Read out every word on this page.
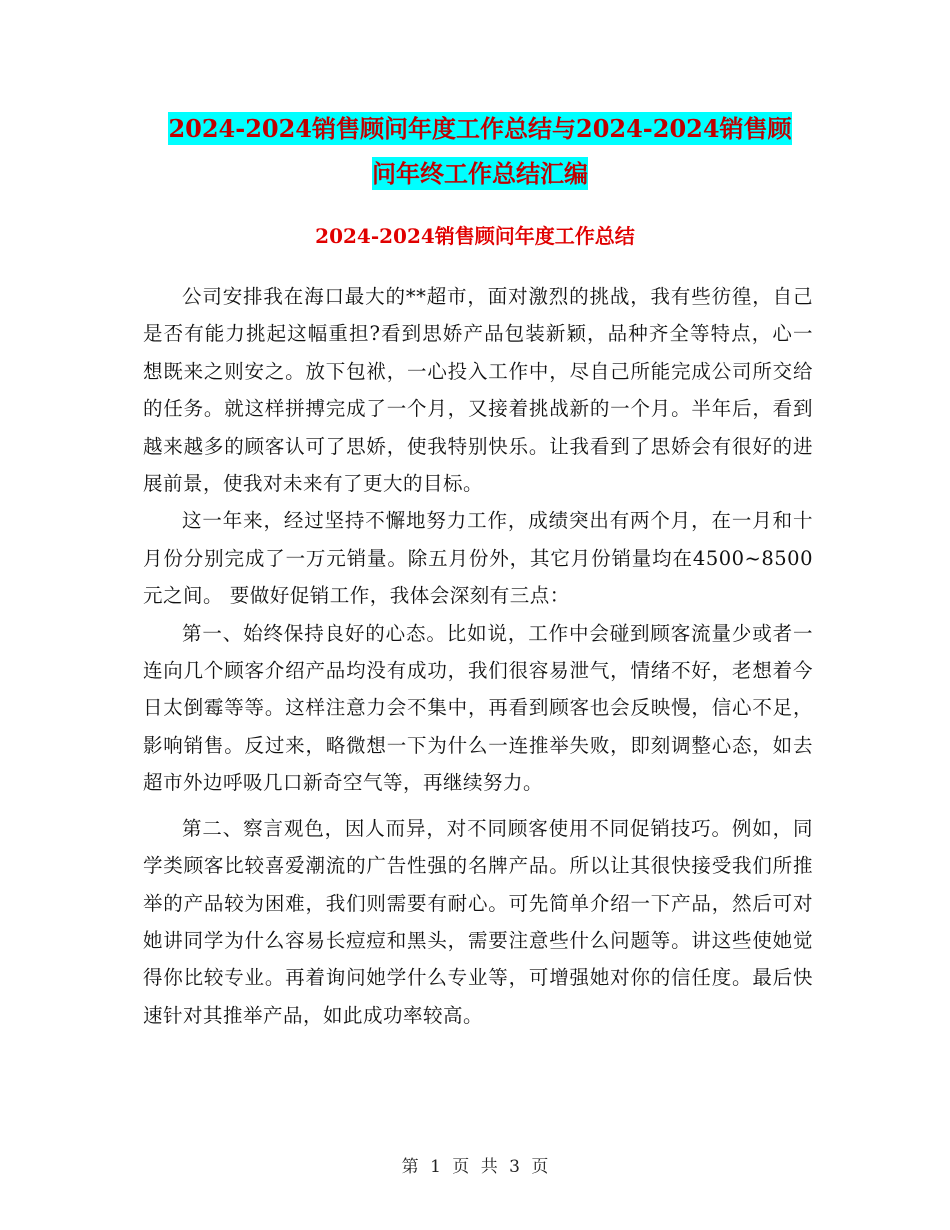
2024-2024销售顾问年度工作总结与2024-2024销售顾
问年终工作总结汇编
2024-2024销售顾问年度工作总结

公司安排我在海口最大的**超市，面对激烈的挑战，我有些彷徨，自己是否有能力挑起这幅重担?看到思娇产品包装新颖，品种齐全等特点，心一想既来之则安之。放下包袱，一心投入工作中，尽自己所能完成公司所交给的任务。就这样拼搏完成了一个月，又接着挑战新的一个月。半年后，看到越来越多的顾客认可了思娇，使我特别快乐。让我看到了思娇会有很好的进展前景，使我对未来有了更大的目标。

这一年来，经过坚持不懈地努力工作，成绩突出有两个月，在一月和十月份分别完成了一万元销量。除五月份外，其它月份销量均在4500~8500元之间。 要做好促销工作，我体会深刻有三点：

第一、始终保持良好的心态。比如说，工作中会碰到顾客流量少或者一连向几个顾客介绍产品均没有成功，我们很容易泄气，情绪不好，老想着今日太倒霉等等。这样注意力会不集中，再看到顾客也会反映慢，信心不足，影响销售。反过来，略微想一下为什么一连推举失败，即刻调整心态，如去超市外边呼吸几口新奇空气等，再继续努力。

第二、察言观色，因人而异，对不同顾客使用不同促销技巧。例如，同学类顾客比较喜爱潮流的广告性强的名牌产品。所以让其很快接受我们所推举的产品较为困难，我们则需要有耐心。可先简单介绍一下产品，然后可对她讲同学为什么容易长痘痘和黑头，需要注意些什么问题等。讲这些使她觉得你比较专业。再着询问她学什么专业等，可增强她对你的信任度。最后快速针对其推举产品，如此成功率较高。

第 1 页 共 3 页
